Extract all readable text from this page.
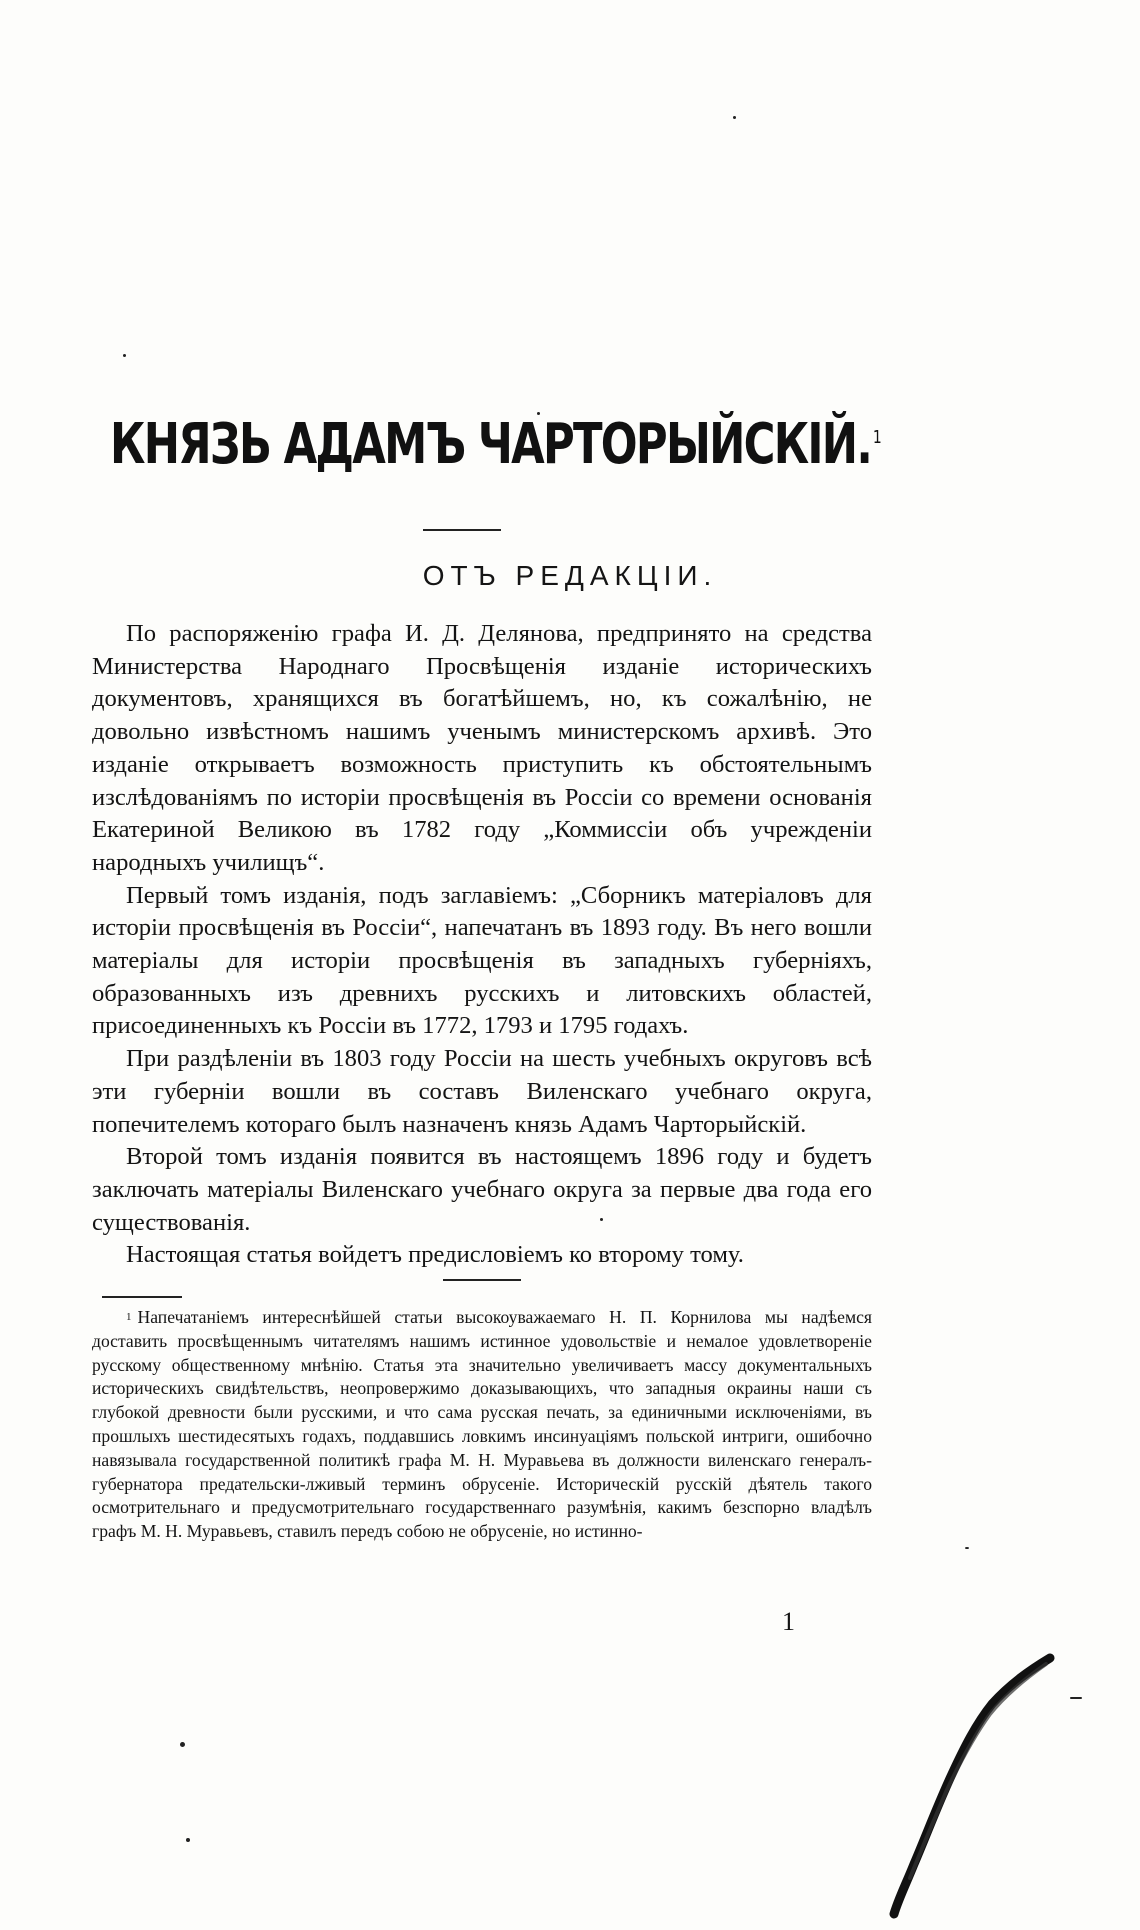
КНЯЗЬ АДАМЪ ЧАРТОРЫЙСКІЙ.$^1$
ОТЪ РЕДАКЦІИ.

По распоряженію графа И. Д. Делянова, предпринято на средства Министерства Народнаго Просвѣщенія изданіе историческихъ документовъ, хранящихся въ богатѣйшемъ, но, къ сожалѣнію, не довольно извѣстномъ нашимъ ученымъ министерскомъ архивѣ. Это изданіе открываетъ возможность приступить къ обстоятельнымъ изслѣдованіямъ по исторіи просвѣщенія въ Россіи со времени основанія Екатериной Великою въ 1782 году „Коммиссіи объ учрежденіи народныхъ училищъ“.

Первый томъ изданія, подъ заглавіемъ: „Сборникъ матеріаловъ для исторіи просвѣщенія въ Россіи“, напечатанъ въ 1893 году. Въ него вошли матеріалы для исторіи просвѣщенія въ западныхъ губерніяхъ, образованныхъ изъ древнихъ русскихъ и литовскихъ областей, присоединенныхъ къ Россіи въ 1772, 1793 и 1795 годахъ.

При раздѣленіи въ 1803 году Россіи на шесть учебныхъ округовъ всѣ эти губерніи вошли въ составъ Виленскаго учебнаго округа, попечителемъ котораго былъ назначенъ князь Адамъ Чарторыйскій.

Второй томъ изданія появится въ настоящемъ 1896 году и будетъ заключать матеріалы Виленскаго учебнаго округа за первые два года его существованія.

Настоящая статья войдетъ предисловіемъ ко второму тому.

$^1$ Напечатаніемъ интереснѣйшей статьи высокоуважаемаго Н. П. Корнилова мы надѣемся доставить просвѣщеннымъ читателямъ нашимъ истинное удовольствіе и немалое удовлетвореніе русскому общественному мнѣнію. Статья эта значительно увеличиваетъ массу документальныхъ историческихъ свидѣтельствъ, неопровержимо доказывающихъ, что западныя окраины наши съ глубокой древности были русскими, и что сама русская печать, за единичными исключеніями, въ прошлыхъ шестидесятыхъ годахъ, поддавшись ловкимъ инсинуаціямъ польской интриги, ошибочно навязывала государственной политикѣ графа М. Н. Муравьева въ должности виленскаго генералъ-губернатора предательски-лживый терминъ обрусеніе. Историческій русскій дѣятель такого осмотрительнаго и предусмотрительнаго государственнаго разумѣнія, какимъ безспорно владѣлъ графъ М. Н. Муравьевъ, ставилъ передъ собою не обрусеніе, но истинно-

1
